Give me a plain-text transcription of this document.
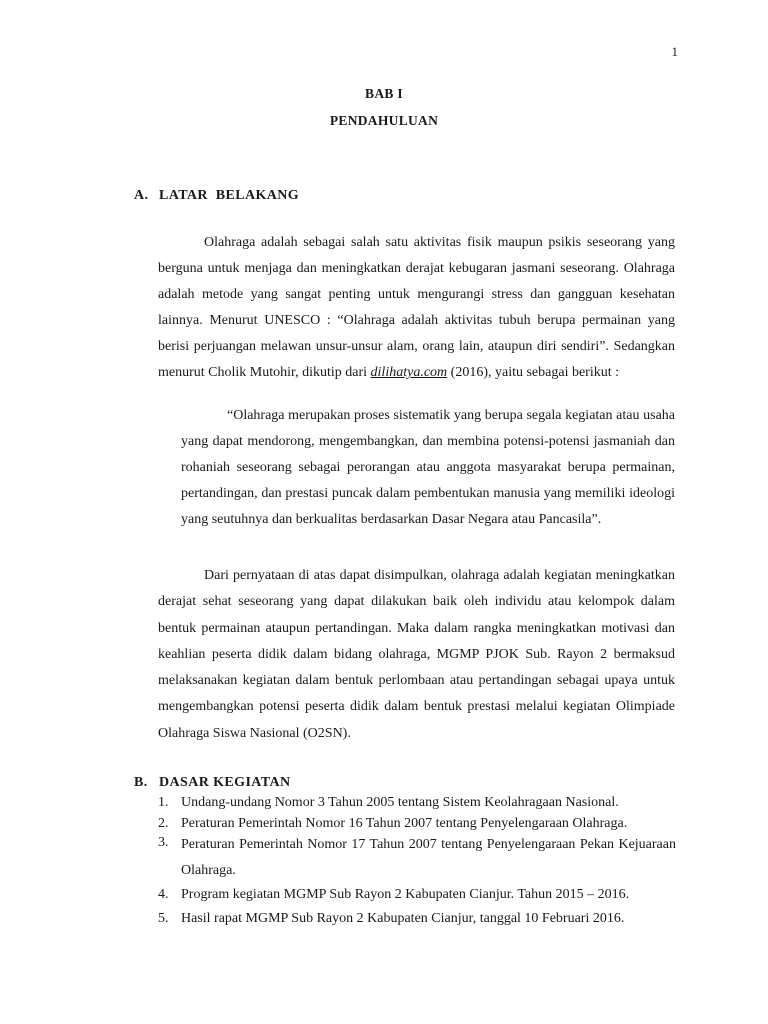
1
BAB I
PENDAHULUAN
A. LATAR  BELAKANG

Olahraga adalah sebagai salah satu aktivitas fisik maupun psikis seseorang yang berguna untuk menjaga dan meningkatkan derajat kebugaran jasmani seseorang. Olahraga adalah metode yang sangat penting untuk mengurangi stress dan gangguan kesehatan lainnya. Menurut UNESCO : “Olahraga adalah aktivitas tubuh berupa permainan yang berisi perjuangan melawan unsur-unsur alam, orang lain, ataupun diri sendiri”. Sedangkan menurut Cholik Mutohir, dikutip dari dilihatya.com (2016), yaitu sebagai berikut :

“Olahraga merupakan proses sistematik yang berupa segala kegiatan atau usaha yang dapat mendorong, mengembangkan, dan membina potensi-potensi jasmaniah dan rohaniah seseorang sebagai perorangan atau anggota masyarakat berupa permainan, pertandingan, dan prestasi puncak dalam pembentukan manusia yang memiliki ideologi yang seutuhnya dan berkualitas berdasarkan Dasar Negara atau Pancasila”.

Dari pernyataan di atas dapat disimpulkan, olahraga adalah kegiatan meningkatkan derajat sehat seseorang yang dapat dilakukan baik oleh individu atau kelompok dalam bentuk permainan ataupun pertandingan. Maka dalam rangka meningkatkan motivasi dan keahlian peserta didik dalam bidang olahraga, MGMP PJOK Sub. Rayon 2 bermaksud melaksanakan kegiatan dalam bentuk perlombaan atau pertandingan sebagai upaya untuk mengembangkan potensi peserta didik dalam bentuk prestasi melalui kegiatan Olimpiade Olahraga Siswa Nasional (O2SN).

B. DASAR KEGIATAN
1. Undang-undang Nomor 3 Tahun 2005 tentang Sistem Keolahragaan Nasional.
2. Peraturan Pemerintah Nomor 16 Tahun 2007 tentang Penyelengaraan Olahraga.
3. Peraturan Pemerintah Nomor 17 Tahun 2007 tentang Penyelengaraan Pekan Kejuaraan Olahraga.
4. Program kegiatan MGMP Sub Rayon 2 Kabupaten Cianjur. Tahun 2015 – 2016.
5. Hasil rapat MGMP Sub Rayon 2 Kabupaten Cianjur, tanggal 10 Februari 2016.
